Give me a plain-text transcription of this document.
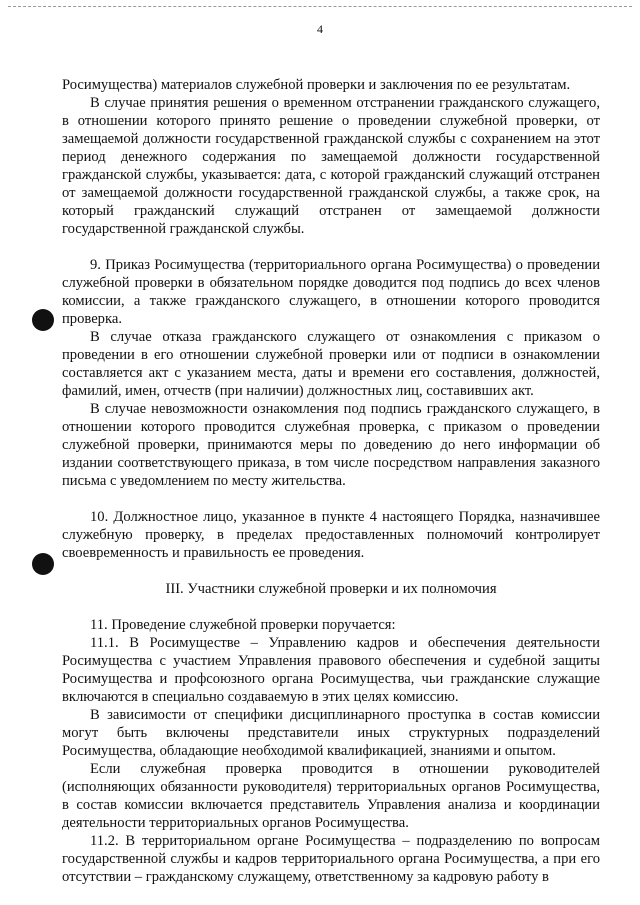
4

Росимущества) материалов служебной проверки и заключения по ее результатам.

В случае принятия решения о временном отстранении гражданского служащего, в отношении которого принято решение о проведении служебной проверки, от замещаемой должности государственной гражданской службы с сохранением на этот период денежного содержания по замещаемой должности государственной гражданской службы, указывается: дата, с которой гражданский служащий отстранен от замещаемой должности государственной гражданской службы, а также срок, на который гражданский служащий отстранен от замещаемой должности государственной гражданской службы.

9. Приказ Росимущества (территориального органа Росимущества) о проведении служебной проверки в обязательном порядке доводится под подпись до всех членов комиссии, а также гражданского служащего, в отношении которого проводится проверка.

В случае отказа гражданского служащего от ознакомления с приказом о проведении в его отношении служебной проверки или от подписи в ознакомлении составляется акт с указанием места, даты и времени его составления, должностей, фамилий, имен, отчеств (при наличии) должностных лиц, составивших акт.

В случае невозможности ознакомления под подпись гражданского служащего, в отношении которого проводится служебная проверка, с приказом о проведении служебной проверки, принимаются меры по доведению до него информации об издании соответствующего приказа, в том числе посредством направления заказного письма с уведомлением по месту жительства.

10. Должностное лицо, указанное в пункте 4 настоящего Порядка, назначившее служебную проверку, в пределах предоставленных полномочий контролирует своевременность и правильность ее проведения.

III. Участники служебной проверки и их полномочия

11. Проведение служебной проверки поручается:

11.1. В Росимуществе – Управлению кадров и обеспечения деятельности Росимущества с участием Управления правового обеспечения и судебной защиты Росимущества и профсоюзного органа Росимущества, чьи гражданские служащие включаются в специально создаваемую в этих целях комиссию.

В зависимости от специфики дисциплинарного проступка в состав комиссии могут быть включены представители иных структурных подразделений Росимущества, обладающие необходимой квалификацией, знаниями и опытом.

Если служебная проверка проводится в отношении руководителей (исполняющих обязанности руководителя) территориальных органов Росимущества, в состав комиссии включается представитель Управления анализа и координации деятельности территориальных органов Росимущества.

11.2. В территориальном органе Росимущества – подразделению по вопросам государственной службы и кадров территориального органа Росимущества, а при его отсутствии – гражданскому служащему, ответственному за кадровую работу в
